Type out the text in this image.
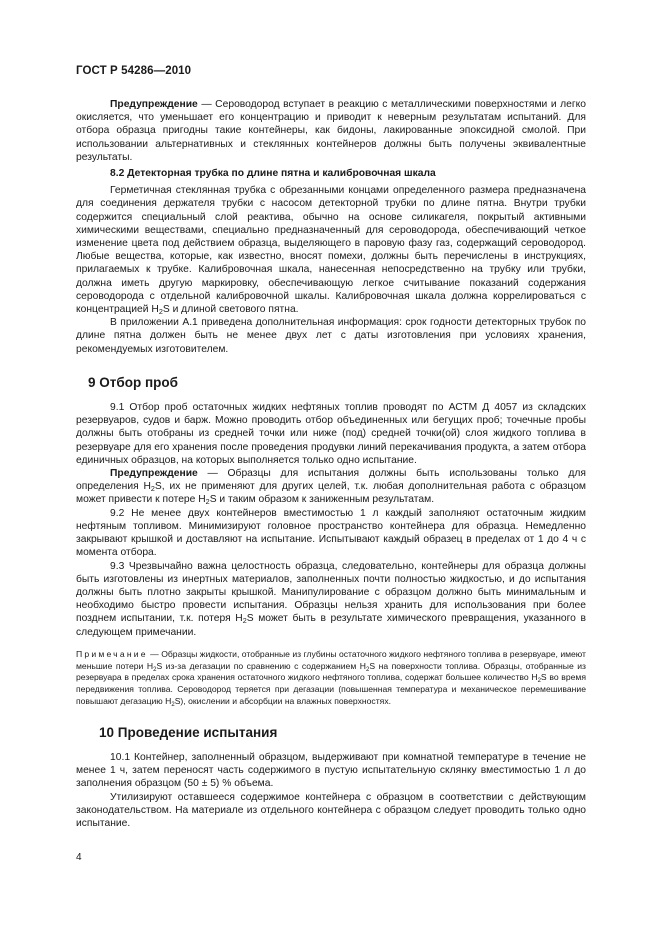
ГОСТ Р 54286—2010

Предупреждение — Сероводород вступает в реакцию с металлическими поверхностями и легко окисляется, что уменьшает его концентрацию и приводит к неверным результатам испытаний. Для отбора образца пригодны такие контейнеры, как бидоны, лакированные эпоксидной смолой. При использовании альтернативных и стеклянных контейнеров должны быть получены эквивалентные результаты.

8.2 Детекторная трубка по длине пятна и калибровочная шкала

Герметичная стеклянная трубка с обрезанными концами определенного размера предназначена для соединения держателя трубки с насосом детекторной трубки по длине пятна. Внутри трубки содержится специальный слой реактива, обычно на основе силикагеля, покрытый активными химическими веществами, специально предназначенный для сероводорода, обеспечивающий четкое изменение цвета под действием образца, выделяющего в паровую фазу газ, содержащий сероводород. Любые вещества, которые, как известно, вносят помехи, должны быть перечислены в инструкциях, прилагаемых к трубке. Калибровочная шкала, нанесенная непосредственно на трубку или трубки, должна иметь другую маркировку, обеспечивающую легкое считывание показаний содержания сероводорода с отдельной калибровочной шкалы. Калибровочная шкала должна коррелироваться с концентрацией $H_2S$ и длиной светового пятна.

В приложении А.1 приведена дополнительная информация: срок годности детекторных трубок по длине пятна должен быть не менее двух лет с даты изготовления при условиях хранения, рекомендуемых изготовителем.

9 Отбор проб

9.1 Отбор проб остаточных жидких нефтяных топлив проводят по АСТМ Д 4057 из складских резервуаров, судов и барж. Можно проводить отбор объединенных или бегущих проб; точечные пробы должны быть отобраны из средней точки или ниже (под) средней точки(ой) слоя жидкого топлива в резервуаре для его хранения после проведения продувки линий перекачивания продукта, а затем отбора единичных образцов, на которых выполняется только одно испытание.

Предупреждение — Образцы для испытания должны быть использованы только для определения $H_2S$, их не применяют для других целей, т.к. любая дополнительная работа с образцом может привести к потере $H_2S$ и таким образом к заниженным результатам.

9.2 Не менее двух контейнеров вместимостью 1 л каждый заполняют остаточным жидким нефтяным топливом. Минимизируют головное пространство контейнера для образца. Немедленно закрывают крышкой и доставляют на испытание. Испытывают каждый образец в пределах от 1 до 4 ч с момента отбора.

9.3 Чрезвычайно важна целостность образца, следовательно, контейнеры для образца должны быть изготовлены из инертных материалов, заполненных почти полностью жидкостью, и до испытания должны быть плотно закрыты крышкой. Манипулирование с образцом должно быть минимальным и необходимо быстро провести испытания. Образцы нельзя хранить для использования при более позднем испытании, т.к. потеря $H_2S$ может быть в результате химического превращения, указанного в следующем примечании.

Примечание — Образцы жидкости, отобранные из глубины остаточного жидкого нефтяного топлива в резервуаре, имеют меньшие потери $H_2S$ из-за дегазации по сравнению с содержанием $H_2S$ на поверхности топлива. Образцы, отобранные из резервуара в пределах срока хранения остаточного жидкого нефтяного топлива, содержат большее количество $H_2S$ во время передвижения топлива. Сероводород теряется при дегазации (повышенная температура и механическое перемешивание повышают дегазацию $H_2S$), окислении и абсорбции на влажных поверхностях.

10 Проведение испытания

10.1 Контейнер, заполненный образцом, выдерживают при комнатной температуре в течение не менее 1 ч, затем переносят часть содержимого в пустую испытательную склянку вместимостью 1 л до заполнения образцом (50 ± 5) % объема.

Утилизируют оставшееся содержимое контейнера с образцом в соответствии с действующим законодательством. На материале из отдельного контейнера с образцом следует проводить только одно испытание.

4
